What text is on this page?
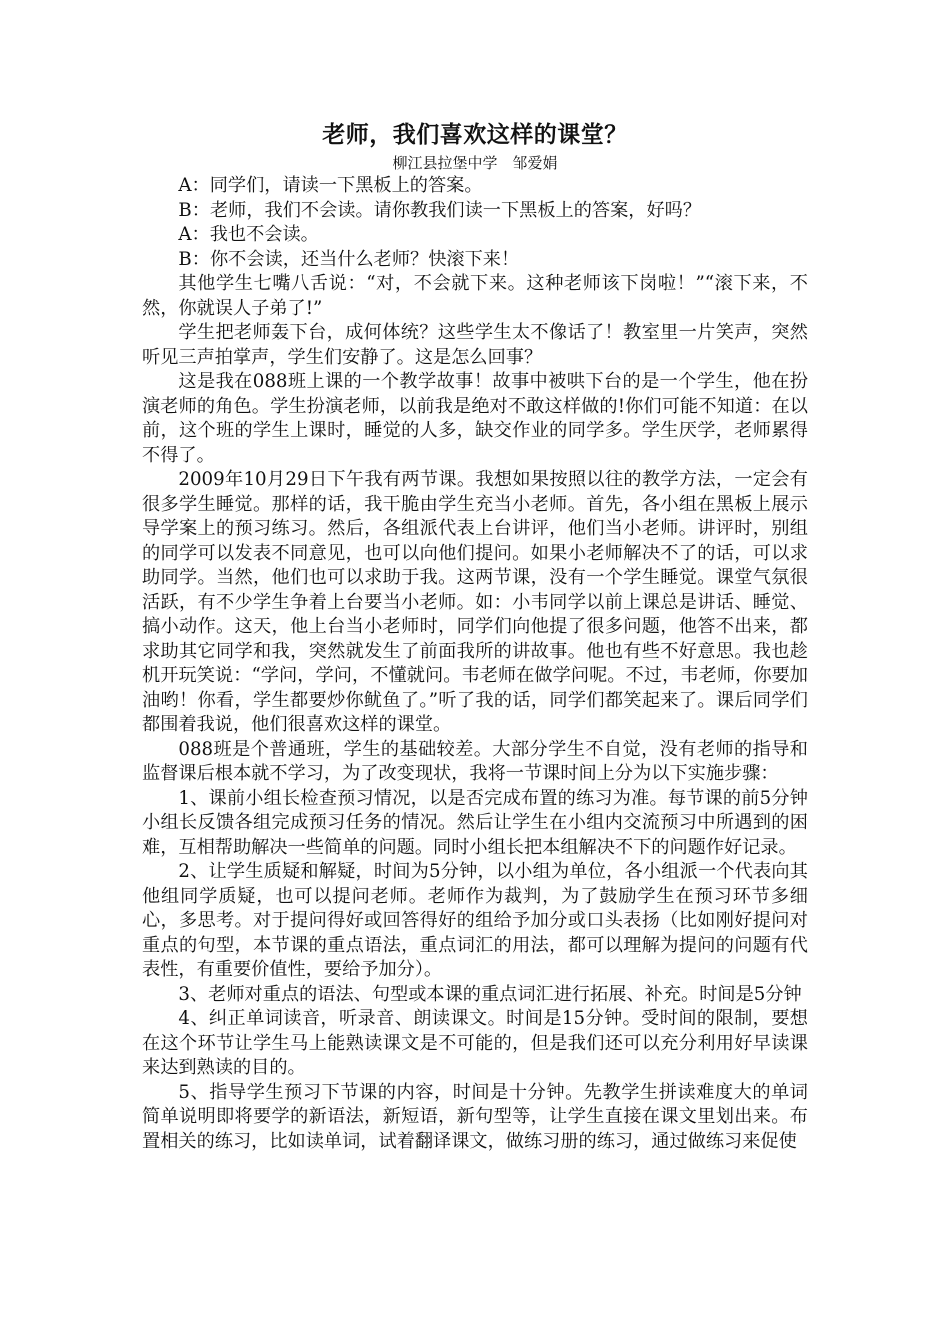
老师，我们喜欢这样的课堂？
柳江县拉堡中学　邹爱娟

A：同学们，请读一下黑板上的答案。

B：老师，我们不会读。请你教我们读一下黑板上的答案，好吗？

A：我也不会读。

B：你不会读，还当什么老师？快滚下来！

其他学生七嘴八舌说：“对，不会就下来。这种老师该下岗啦！”“滚下来，不然，你就误人子弟了!”

学生把老师轰下台，成何体统？这些学生太不像话了！教室里一片笑声，突然听见三声拍掌声，学生们安静了。这是怎么回事？

这是我在088班上课的一个教学故事！故事中被哄下台的是一个学生，他在扮演老师的角色。学生扮演老师，以前我是绝对不敢这样做的!你们可能不知道：在以前，这个班的学生上课时，睡觉的人多，缺交作业的同学多。学生厌学，老师累得不得了。

2009年10月29日下午我有两节课。我想如果按照以往的教学方法，一定会有很多学生睡觉。那样的话，我干脆由学生充当小老师。首先，各小组在黑板上展示导学案上的预习练习。然后，各组派代表上台讲评，他们当小老师。讲评时，别组的同学可以发表不同意见，也可以向他们提问。如果小老师解决不了的话，可以求助同学。当然，他们也可以求助于我。这两节课，没有一个学生睡觉。课堂气氛很活跃，有不少学生争着上台要当小老师。如：小韦同学以前上课总是讲话、睡觉、搞小动作。这天，他上台当小老师时，同学们向他提了很多问题，他答不出来，都求助其它同学和我，突然就发生了前面我所的讲故事。他也有些不好意思。我也趁机开玩笑说：“学问，学问，不懂就问。韦老师在做学问呢。不过，韦老师，你要加油哟！你看，学生都要炒你鱿鱼了。”听了我的话，同学们都笑起来了。课后同学们都围着我说，他们很喜欢这样的课堂。

088班是个普通班，学生的基础较差。大部分学生不自觉，没有老师的指导和监督课后根本就不学习，为了改变现状，我将一节课时间上分为以下实施步骤：

1、课前小组长检查预习情况，以是否完成布置的练习为准。每节课的前5分钟小组长反馈各组完成预习任务的情况。然后让学生在小组内交流预习中所遇到的困难，互相帮助解决一些简单的问题。同时小组长把本组解决不下的问题作好记录。

2、让学生质疑和解疑，时间为5分钟，以小组为单位，各小组派一个代表向其他组同学质疑，也可以提问老师。老师作为裁判，为了鼓励学生在预习环节多细心，多思考。对于提问得好或回答得好的组给予加分或口头表扬（比如刚好提问对重点的句型，本节课的重点语法，重点词汇的用法，都可以理解为提问的问题有代表性，有重要价值性，要给予加分）。

3、老师对重点的语法、句型或本课的重点词汇进行拓展、补充。时间是5分钟

4、纠正单词读音，听录音、朗读课文。时间是15分钟。受时间的限制，要想在这个环节让学生马上能熟读课文是不可能的，但是我们还可以充分利用好早读课来达到熟读的目的。

5、指导学生预习下节课的内容，时间是十分钟。先教学生拼读难度大的单词简单说明即将要学的新语法，新短语，新句型等，让学生直接在课文里划出来。布置相关的练习，比如读单词，试着翻译课文，做练习册的练习，通过做练习来促使
